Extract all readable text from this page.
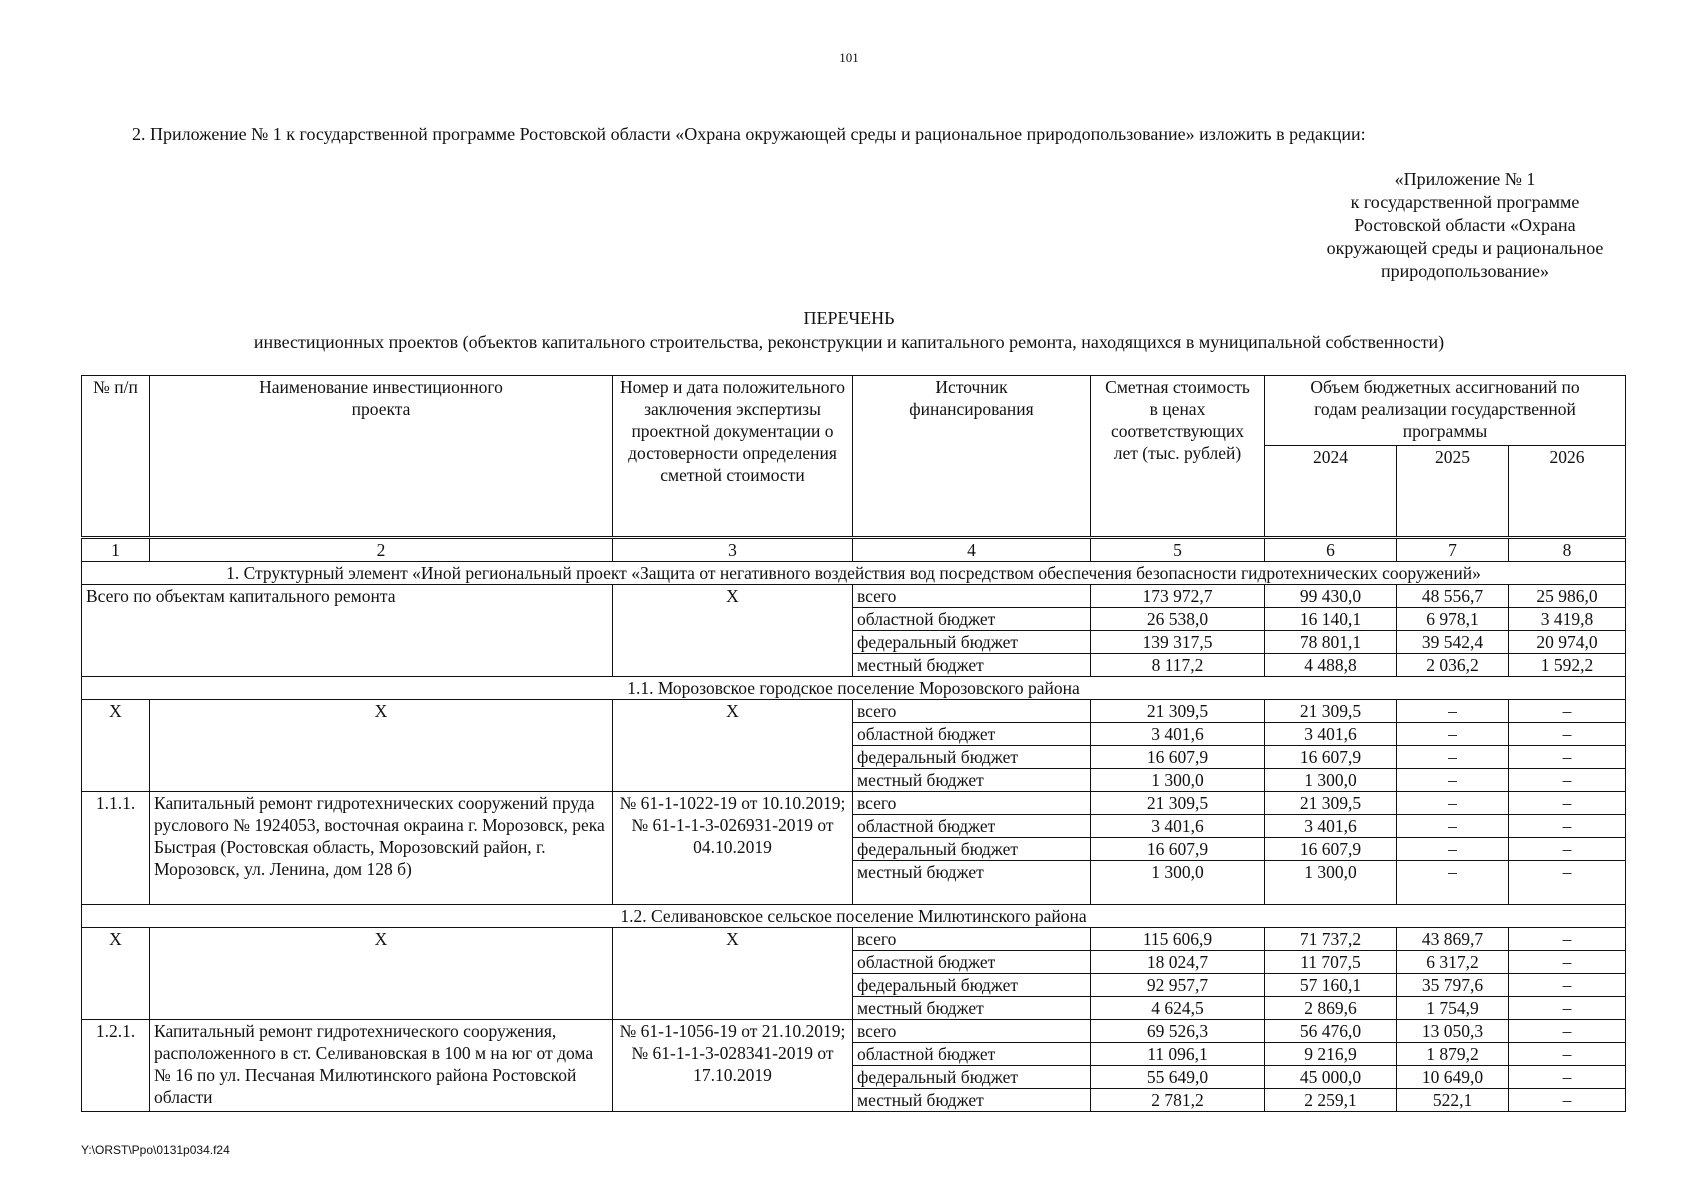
101
2. Приложение № 1 к государственной программе Ростовской области «Охрана окружающей среды и рациональное природопользование» изложить в редакции:
«Приложение № 1
к государственной программе
Ростовской области «Охрана
окружающей среды и рациональное
природопользование»
ПЕРЕЧЕНЬ
инвестиционных проектов (объектов капитального строительства, реконструкции и капитального ремонта, находящихся в муниципальной собственности)
№ п/п	Наименование инвестиционного проекта	Номер и дата положительного заключения экспертизы проектной документации о достоверности определения сметной стоимости	Источник финансирования	Сметная стоимость в ценах соответствующих лет (тыс. рублей)	Объем бюджетных ассигнований по годам реализации государственной программы		
					2024	2025	2026
1	2	3	4	5	6	7	8
1. Структурный элемент «Иной региональный проект «Защита от негативного воздействия вод посредством обеспечения безопасности гидротехнических сооружений»							
Всего по объектам капитального ремонта		Х	всего	173 972,7	99 430,0	48 556,7	25 986,0
			областной бюджет	26 538,0	16 140,1	6 978,1	3 419,8
			федеральный бюджет	139 317,5	78 801,1	39 542,4	20 974,0
			местный бюджет	8 117,2	4 488,8	2 036,2	1 592,2
1.1. Морозовское городское поселение Морозовского района							
Х	Х	Х	всего	21 309,5	21 309,5	–	–
			областной бюджет	3 401,6	3 401,6	–	–
			федеральный бюджет	16 607,9	16 607,9	–	–
			местный бюджет	1 300,0	1 300,0	–	–
1.1.1.	Капитальный ремонт гидротехнических сооружений пруда руслового № 1924053, восточная окраина г. Морозовск, река Быстрая (Ростовская область, Морозовский район, г. Морозовск, ул. Ленина, дом 128 б)	№ 61-1-1022-19 от 10.10.2019; № 61-1-1-3-026931-2019 от 04.10.2019	всего	21 309,5	21 309,5	–	–
			областной бюджет	3 401,6	3 401,6	–	–
			федеральный бюджет	16 607,9	16 607,9	–	–
			местный бюджет	1 300,0	1 300,0	–	–
1.2. Селивановское сельское поселение Милютинского района							
Х	Х	Х	всего	115 606,9	71 737,2	43 869,7	–
			областной бюджет	18 024,7	11 707,5	6 317,2	–
			федеральный бюджет	92 957,7	57 160,1	35 797,6	–
			местный бюджет	4 624,5	2 869,6	1 754,9	–
1.2.1.	Капитальный ремонт гидротехнического сооружения, расположенного в ст. Селивановская в 100 м на юг от дома № 16 по ул. Песчаная Милютинского района Ростовской области	№ 61-1-1056-19 от 21.10.2019; № 61-1-1-3-028341-2019 от 17.10.2019	всего	69 526,3	56 476,0	13 050,3	–
			областной бюджет	11 096,1	9 216,9	1 879,2	–
			федеральный бюджет	55 649,0	45 000,0	10 649,0	–
			местный бюджет	2 781,2	2 259,1	522,1	–
Y:\ORST\Ppo\0131p034.f24
